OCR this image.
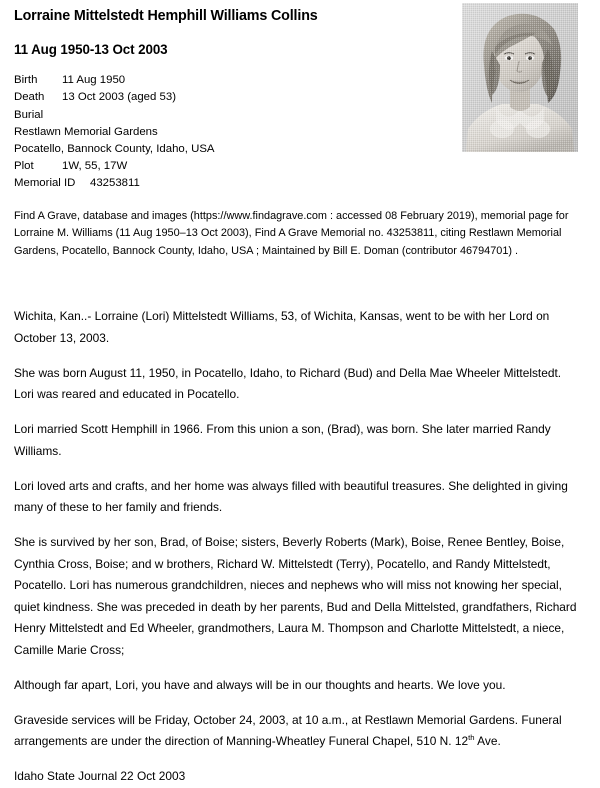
Lorraine Mittelstedt Hemphill Williams Collins
11 Aug 1950-13 Oct 2003
Birth	11 Aug 1950
Death	13 Oct 2003 (aged 53)
Burial
Restlawn Memorial Gardens
Pocatello, Bannock County, Idaho, USA
Plot	1W, 55, 17W
Memorial ID	43253811
Find A Grave, database and images (https://www.findagrave.com : accessed 08 February 2019), memorial page for Lorraine M. Williams (11 Aug 1950–13 Oct 2003), Find A Grave Memorial no. 43253811, citing Restlawn Memorial Gardens, Pocatello, Bannock County, Idaho, USA ; Maintained by Bill E. Doman (contributor 46794701) .

Wichita, Kan..- Lorraine (Lori) Mittelstedt Williams, 53, of Wichita, Kansas, went to be with her Lord on October 13, 2003.

She was born August 11, 1950, in Pocatello, Idaho, to Richard (Bud) and Della Mae Wheeler Mittelstedt. Lori was reared and educated in Pocatello.

Lori married Scott Hemphill in 1966. From this union a son, (Brad), was born. She later married Randy Williams.

Lori loved arts and crafts, and her home was always filled with beautiful treasures. She delighted in giving many of these to her family and friends.

She is survived by her son, Brad, of Boise; sisters, Beverly Roberts (Mark), Boise, Renee Bentley, Boise, Cynthia Cross, Boise; and w brothers, Richard W. Mittelstedt (Terry), Pocatello, and Randy Mittelstedt, Pocatello. Lori has numerous grandchildren, nieces and nephews who will miss not knowing her special, quiet kindness. She was preceded in death by her parents, Bud and Della Mittelsted, grandfathers, Richard Henry Mittelstedt and Ed Wheeler, grandmothers, Laura M. Thompson and Charlotte Mittelstedt, a niece, Camille Marie Cross;

Although far apart, Lori, you have and always will be in our thoughts and hearts. We love you.

Graveside services will be Friday, October 24, 2003, at 10 a.m., at Restlawn Memorial Gardens. Funeral arrangements are under the direction of Manning-Wheatley Funeral Chapel, 510 N. 12th Ave.

Idaho State Journal 22 Oct 2003
